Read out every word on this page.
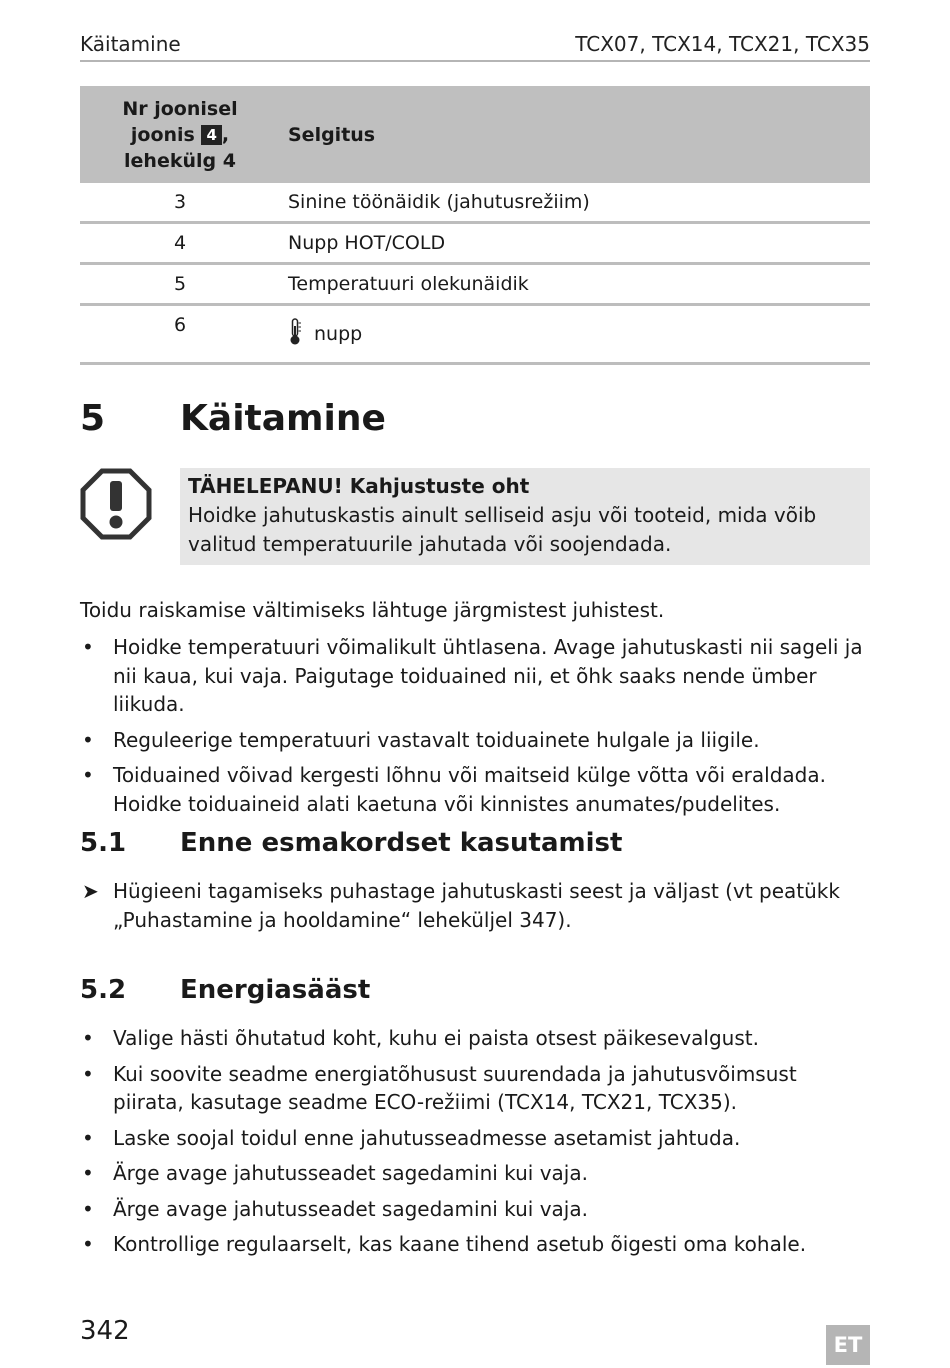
Käitamine	TCX07, TCX14, TCX21, TCX35
Nr joonisel
joonis 4 ,
lehekülg 4	Selgitus
3	Sinine töönäidik (jahutusrežiim)
4	Nupp HOT/COLD
5	Temperatuuri olekunäidik
6	nupp
5	Käitamine
TÄHELEPANU! Kahjustuste oht
Hoidke jahutuskastis ainult selliseid asju või tooteid, mida võib valitud temperatuurile jahutada või soojendada.
Toidu raiskamise vältimiseks lähtuge järgmistest juhistest.
• Hoidke temperatuuri võimalikult ühtlasena. Avage jahutuskasti nii sageli ja nii kaua, kui vaja. Paigutage toiduained nii, et õhk saaks nende ümber liikuda.
• Reguleerige temperatuuri vastavalt toiduainete hulgale ja liigile.
• Toiduained võivad kergesti lõhnu või maitseid külge võtta või eraldada. Hoidke toiduaineid alati kaetuna või kinnistes anumates/pudelites.
5.1 Enne esmakordset kasutamist
➤ Hügieeni tagamiseks puhastage jahutuskasti seest ja väljast (vt peatükk „Puhastamine ja hooldamine“ leheküljel 347).
5.2 Energiasääst
• Valige hästi õhutatud koht, kuhu ei paista otsest päikesevalgust.
• Kui soovite seadme energiatõhusust suurendada ja jahutusvõimsust piirata, kasutage seadme ECO-režiimi (TCX14, TCX21, TCX35).
• Laske soojal toidul enne jahutusseadmesse asetamist jahtuda.
• Ärge avage jahutusseadet sagedamini kui vaja.
• Ärge avage jahutusseadet sagedamini kui vaja.
• Kontrollige regulaarselt, kas kaane tihend asetub õigesti oma kohale.
342	ET
